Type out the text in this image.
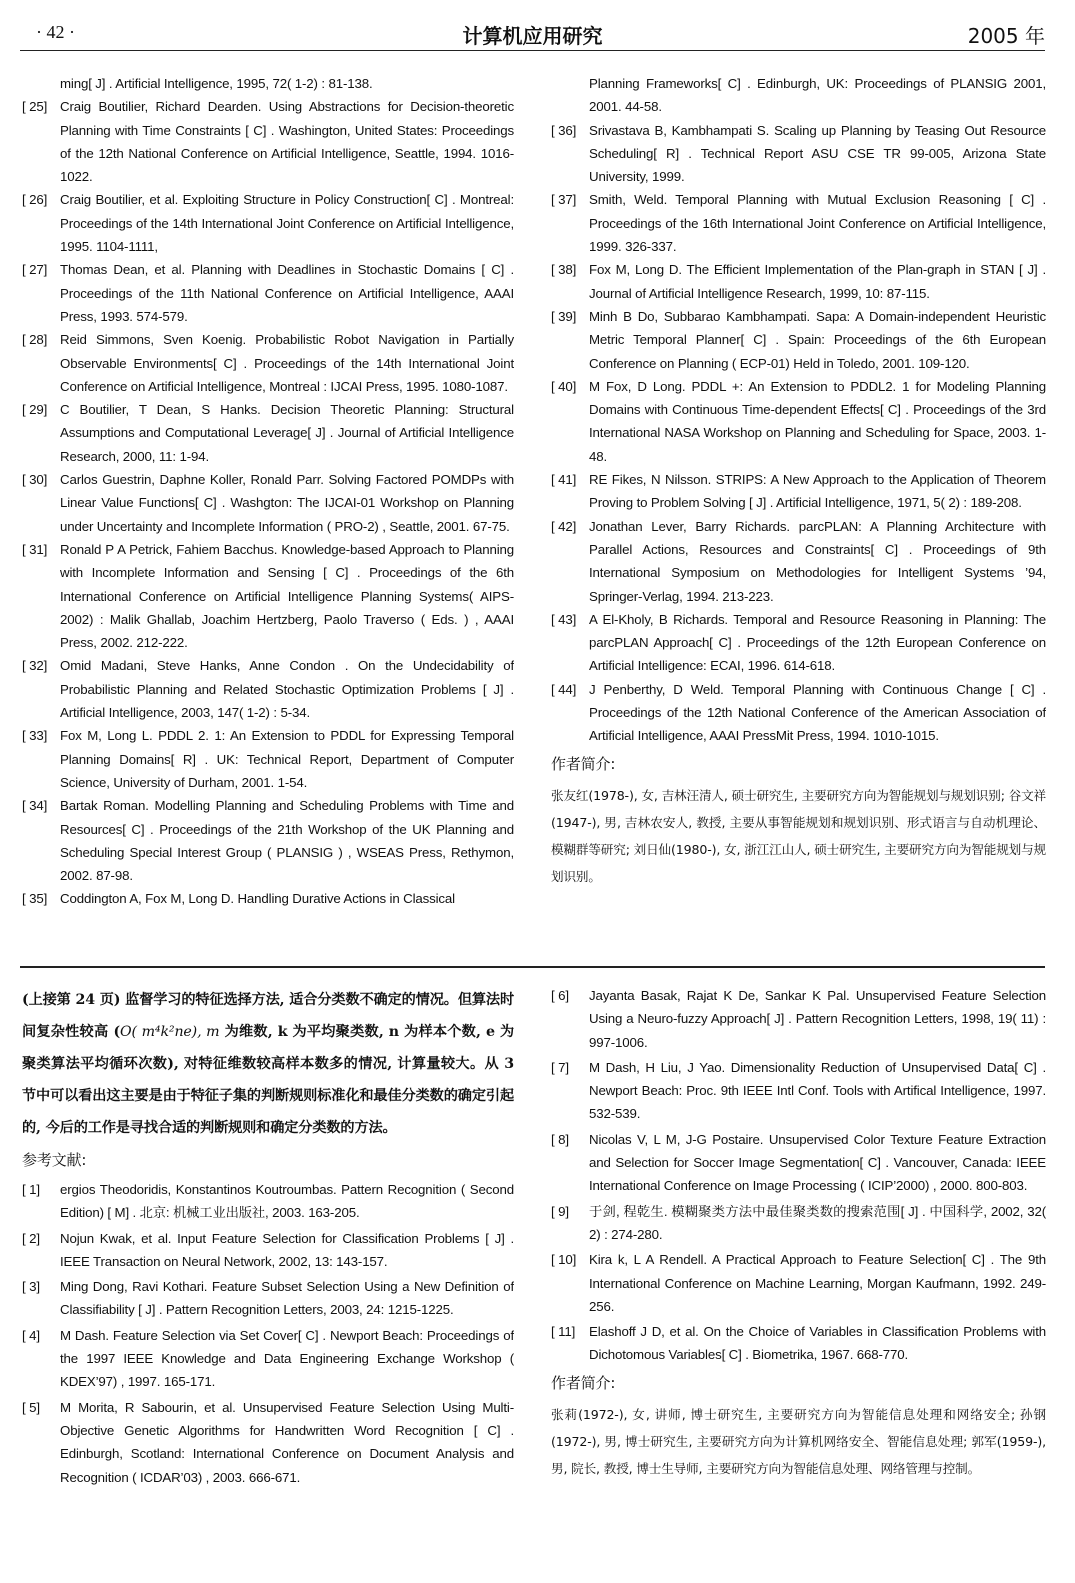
· 42 ·	计算机应用研究	2005 年
ming[ J] . Artificial Intelligence, 1995, 72( 1-2) : 81-138.
[ 25] Craig Boutilier, Richard Dearden. Using Abstractions for Decision-theoretic Planning with Time Constraints [ C] . Washington, United States: Proceedings of the 12th National Conference on Artificial Intelligence, Seattle, 1994. 1016-1022.
[ 26] Craig Boutilier, et al. Exploiting Structure in Policy Construction[ C] . Montreal: Proceedings of the 14th International Joint Conference on Artificial Intelligence, 1995. 1104-1111,
[ 27] Thomas Dean, et al. Planning with Deadlines in Stochastic Domains [ C] . Proceedings of the 11th National Conference on Artificial Intelligence, AAAI Press, 1993. 574-579.
[ 28] Reid Simmons, Sven Koenig. Probabilistic Robot Navigation in Partially Observable Environments[ C] . Proceedings of the 14th International Joint Conference on Artificial Intelligence, Montreal : IJCAI Press, 1995. 1080-1087.
[ 29] C Boutilier, T Dean, S Hanks. Decision Theoretic Planning: Structural Assumptions and Computational Leverage[ J] . Journal of Artificial Intelligence Research, 2000, 11: 1-94.
[ 30] Carlos Guestrin, Daphne Koller, Ronald Parr. Solving Factored POMDPs with Linear Value Functions[ C] . Washgton: The IJCAI-01 Workshop on Planning under Uncertainty and Incomplete Information ( PRO-2) , Seattle, 2001. 67-75.
[ 31] Ronald P A Petrick, Fahiem Bacchus. Knowledge-based Approach to Planning with Incomplete Information and Sensing [ C] . Proceedings of the 6th International Conference on Artificial Intelligence Planning Systems( AIPS-2002) : Malik Ghallab, Joachim Hertzberg, Paolo Traverso ( Eds. ) , AAAI Press, 2002. 212-222.
[ 32] Omid Madani, Steve Hanks, Anne Condon . On the Undecidability of Probabilistic Planning and Related Stochastic Optimization Problems [ J] . Artificial Intelligence, 2003, 147( 1-2) : 5-34.
[ 33] Fox M, Long L. PDDL 2. 1: An Extension to PDDL for Expressing Temporal Planning Domains[ R] . UK: Technical Report, Department of Computer Science, University of Durham, 2001. 1-54.
[ 34] Bartak Roman. Modelling Planning and Scheduling Problems with Time and Resources[ C] . Proceedings of the 21th Workshop of the UK Planning and Scheduling Special Interest Group ( PLANSIG ) , WSEAS Press, Rethymon, 2002. 87-98.
[ 35] Coddington A, Fox M, Long D. Handling Durative Actions in Classical
Planning Frameworks[ C] . Edinburgh, UK: Proceedings of PLANSIG 2001, 2001. 44-58.
[ 36] Srivastava B, Kambhampati S. Scaling up Planning by Teasing Out Resource Scheduling[ R] . Technical Report ASU CSE TR 99-005, Arizona State University, 1999.
[ 37] Smith, Weld. Temporal Planning with Mutual Exclusion Reasoning [ C] . Proceedings of the 16th International Joint Conference on Artificial Intelligence, 1999. 326-337.
[ 38] Fox M, Long D. The Efficient Implementation of the Plan-graph in STAN [ J] . Journal of Artificial Intelligence Research, 1999, 10: 87-115.
[ 39] Minh B Do, Subbarao Kambhampati. Sapa: A Domain-independent Heuristic Metric Temporal Planner[ C] . Spain: Proceedings of the 6th European Conference on Planning ( ECP-01) Held in Toledo, 2001. 109-120.
[ 40] M Fox, D Long. PDDL +: An Extension to PDDL2. 1 for Modeling Planning Domains with Continuous Time-dependent Effects[ C] . Proceedings of the 3rd International NASA Workshop on Planning and Scheduling for Space, 2003. 1-48.
[ 41] RE Fikes, N Nilsson. STRIPS: A New Approach to the Application of Theorem Proving to Problem Solving [ J] . Artificial Intelligence, 1971, 5( 2) : 189-208.
[ 42] Jonathan Lever, Barry Richards. parcPLAN: A Planning Architecture with Parallel Actions, Resources and Constraints[ C] . Proceedings of 9th International Symposium on Methodologies for Intelligent Systems ’94, Springer-Verlag, 1994. 213-223.
[ 43] A El-Kholy, B Richards. Temporal and Resource Reasoning in Planning: The parcPLAN Approach[ C] . Proceedings of the 12th European Conference on Artificial Intelligence: ECAI, 1996. 614-618.
[ 44] J Penberthy, D Weld. Temporal Planning with Continuous Change [ C] . Proceedings of the 12th National Conference of the American Association of Artificial Intelligence, AAAI PressMit Press, 1994. 1010-1015.
作者简介:
张友红(1978-), 女, 吉林汪清人, 硕士研究生, 主要研究方向为智能规划与规划识别; 谷文祥(1947-), 男, 吉林农安人, 教授, 主要从事智能规划和规划识别、形式语言与自动机理论、模糊群等研究; 刘日仙(1980-), 女, 浙江江山人, 硕士研究生, 主要研究方向为智能规划与规划识别。
(上接第 24 页) 监督学习的特征选择方法, 适合分类数不确定的情况。但算法时间复杂性较高 (O( m⁴k²ne), m 为维数, k 为平均聚类数, n 为样本个数, e 为聚类算法平均循环次数), 对特征维数较高样本数多的情况, 计算量较大。从 3 节中可以看出这主要是由于特征子集的判断规则标准化和最佳分类数的确定引起的, 今后的工作是寻找合适的判断规则和确定分类数的方法。
参考文献:
[ 1]	ergios Theodoridis, Konstantinos Koutroumbas. Pattern Recognition ( Second Edition) [ M] . 北京: 机械工业出版社, 2003. 163-205.
[ 2]	Nojun Kwak, et al. Input Feature Selection for Classification Problems [ J] . IEEE Transaction on Neural Network, 2002, 13: 143-157.
[ 3]	Ming Dong, Ravi Kothari. Feature Subset Selection Using a New Definition of Classifiability [ J] . Pattern Recognition Letters, 2003, 24: 1215-1225.
[ 4]	M Dash. Feature Selection via Set Cover[ C] . Newport Beach: Proceedings of the 1997 IEEE Knowledge and Data Engineering Exchange Workshop ( KDEX’97) , 1997. 165-171.
[ 5]	M Morita, R Sabourin, et al. Unsupervised Feature Selection Using Multi-Objective Genetic Algorithms for Handwritten Word Recognition [ C] . Edinburgh, Scotland: International Conference on Document Analysis and Recognition ( ICDAR’03) , 2003. 666-671.
[ 6]	Jayanta Basak, Rajat K De, Sankar K Pal. Unsupervised Feature Selection Using a Neuro-fuzzy Approach[ J] . Pattern Recognition Letters, 1998, 19( 11) : 997-1006.
[ 7]	M Dash, H Liu, J Yao. Dimensionality Reduction of Unsupervised Data[ C] . Newport Beach: Proc. 9th IEEE Intl Conf. Tools with Artifical Intelligence, 1997. 532-539.
[ 8]	Nicolas V, L M, J-G Postaire. Unsupervised Color Texture Feature Extraction and Selection for Soccer Image Segmentation[ C] . Vancouver, Canada: IEEE International Conference on Image Processing ( ICIP’2000) , 2000. 800-803.
[ 9]	于剑, 程乾生. 模糊聚类方法中最佳聚类数的搜索范围[ J] . 中国科学, 2002, 32( 2) : 274-280.
[ 10] Kira k, L A Rendell. A Practical Approach to Feature Selection[ C] . The 9th International Conference on Machine Learning, Morgan Kaufmann, 1992. 249-256.
[ 11]	Elashoff J D, et al. On the Choice of Variables in Classification Problems with Dichotomous Variables[ C] . Biometrika, 1967. 668-770.
作者简介:
张莉(1972-), 女, 讲师, 博士研究生, 主要研究方向为智能信息处理和网络安全; 孙钢(1972-), 男, 博士研究生, 主要研究方向为计算机网络安全、智能信息处理; 郭军(1959-), 男, 院长, 教授, 博士生导师, 主要研究方向为智能信息处理、网络管理与控制。
